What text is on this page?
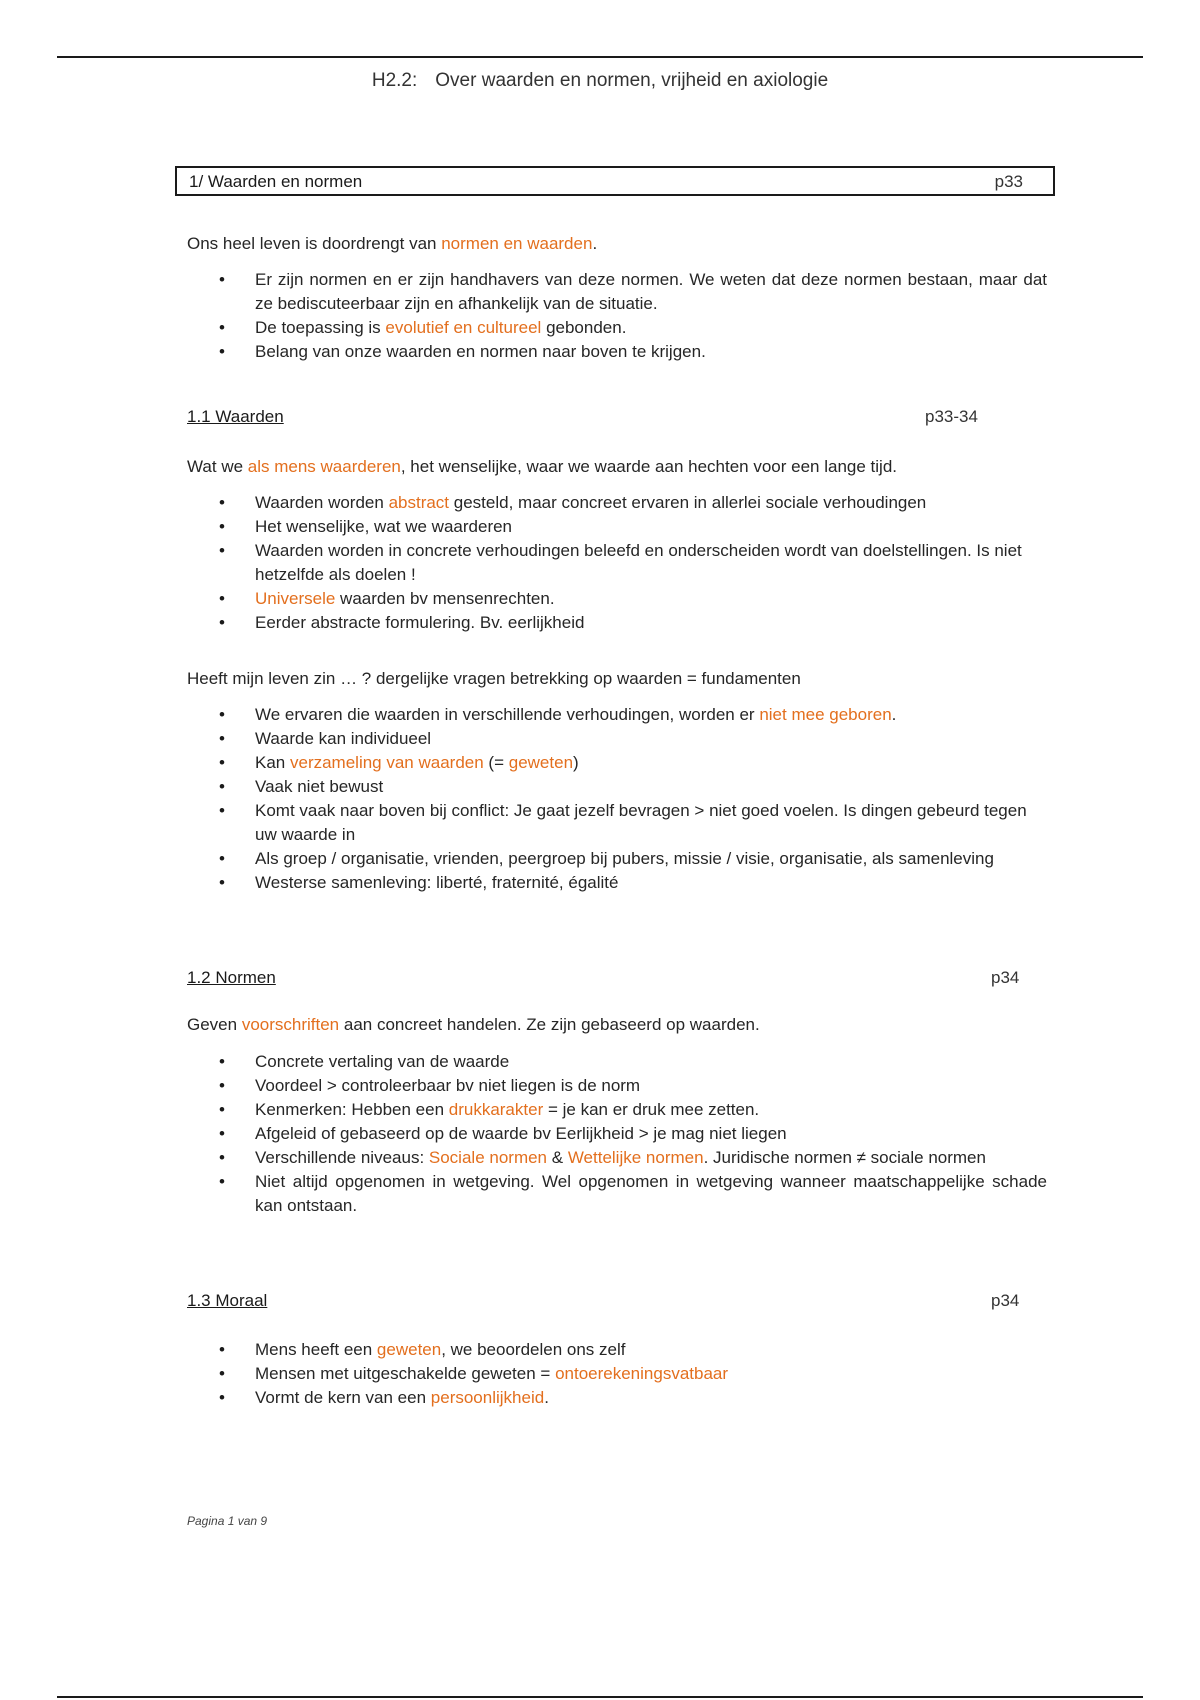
H2.2: Over waarden en normen, vrijheid en axiologie
1/ Waarden en normen	p33
Ons heel leven is doordrengt van normen en waarden.
• Er zijn normen en er zijn handhavers van deze normen. We weten dat deze normen bestaan, maar dat ze bediscuteerbaar zijn en afhankelijk van de situatie.
• De toepassing is evolutief en cultureel gebonden.
• Belang van onze waarden en normen naar boven te krijgen.
1.1 Waarden	p33-34
Wat we als mens waarderen, het wenselijke, waar we waarde aan hechten voor een lange tijd.
• Waarden worden abstract gesteld, maar concreet ervaren in allerlei sociale verhoudingen
• Het wenselijke, wat we waarderen
• Waarden worden in concrete verhoudingen beleefd en onderscheiden wordt van doelstellingen. Is niet hetzelfde als doelen !
• Universele waarden bv mensenrechten.
• Eerder abstracte formulering. Bv. eerlijkheid
Heeft mijn leven zin … ? dergelijke vragen betrekking op waarden = fundamenten
• We ervaren die waarden in verschillende verhoudingen, worden er niet mee geboren.
• Waarde kan individueel
• Kan verzameling van waarden (= geweten)
• Vaak niet bewust
• Komt vaak naar boven bij conflict: Je gaat jezelf bevragen > niet goed voelen. Is dingen gebeurd tegen uw waarde in
• Als groep / organisatie, vrienden, peergroep bij pubers, missie / visie, organisatie, als samenleving
• Westerse samenleving: liberté, fraternité, égalité
1.2 Normen	p34
Geven voorschriften aan concreet handelen. Ze zijn gebaseerd op waarden.
• Concrete vertaling van de waarde
• Voordeel > controleerbaar bv niet liegen is de norm
• Kenmerken: Hebben een drukkarakter = je kan er druk mee zetten.
• Afgeleid of gebaseerd op de waarde bv Eerlijkheid > je mag niet liegen
• Verschillende niveaus: Sociale normen & Wettelijke normen. Juridische normen ≠ sociale normen
• Niet altijd opgenomen in wetgeving. Wel opgenomen in wetgeving wanneer maatschappelijke schade kan ontstaan.
1.3 Moraal	p34
• Mens heeft een geweten, we beoordelen ons zelf
• Mensen met uitgeschakelde geweten = ontoerekeningsvatbaar
• Vormt de kern van een persoonlijkheid.
Pagina 1 van 9
